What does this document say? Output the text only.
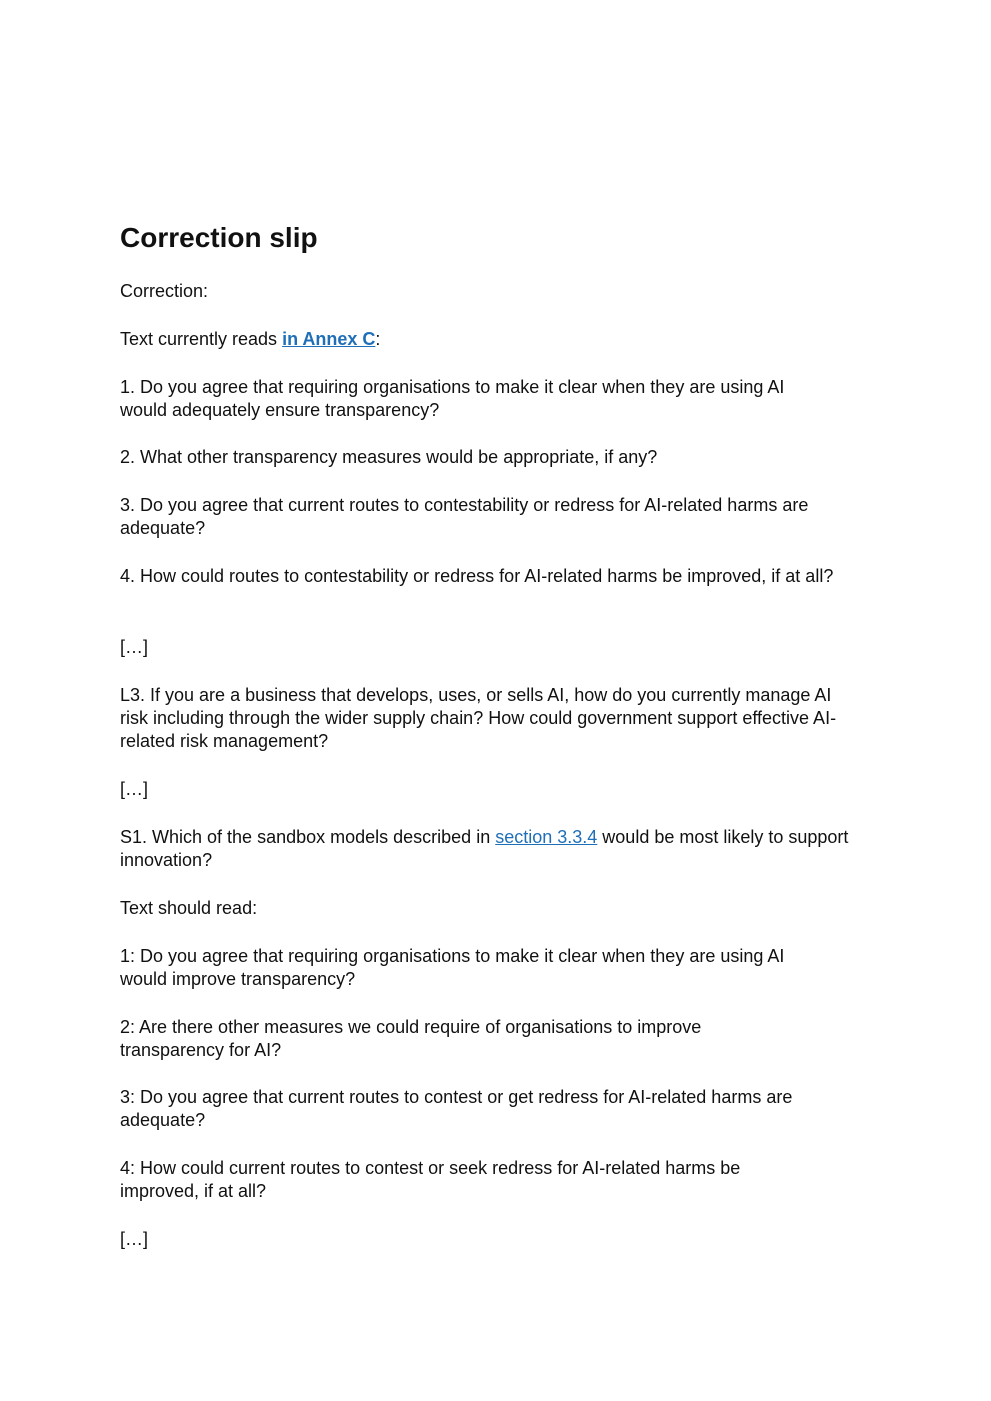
Correction slip

Correction:

Text currently reads in Annex C:

1. Do you agree that requiring organisations to make it clear when they are using AI would adequately ensure transparency?

2. What other transparency measures would be appropriate, if any?

3. Do you agree that current routes to contestability or redress for AI-related harms are adequate?

4. How could routes to contestability or redress for AI-related harms be improved, if at all?

[…]

L3. If you are a business that develops, uses, or sells AI, how do you currently manage AI risk including through the wider supply chain? How could government support effective AI-related risk management?

[…]

S1. Which of the sandbox models described in section 3.3.4 would be most likely to support innovation?

Text should read:

1: Do you agree that requiring organisations to make it clear when they are using AI would improve transparency?

2: Are there other measures we could require of organisations to improve transparency for AI?

3: Do you agree that current routes to contest or get redress for AI-related harms are adequate?

4: How could current routes to contest or seek redress for AI-related harms be improved, if at all?

[…]
